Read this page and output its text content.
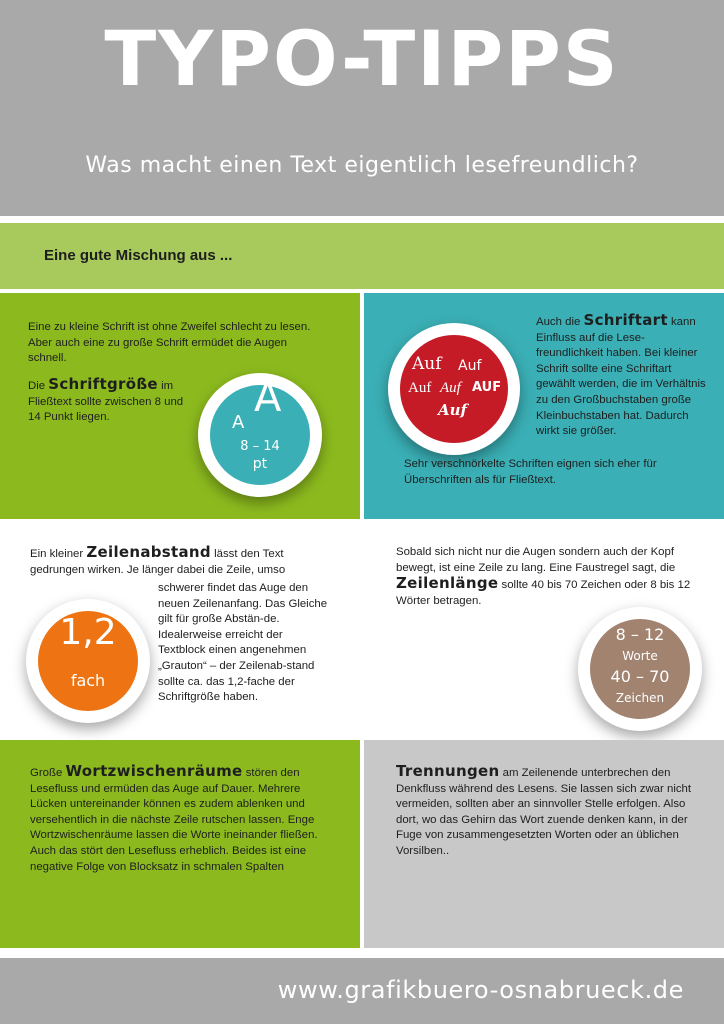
TYPO-TIPPS
Was macht einen Text eigentlich lesefreundlich?
Eine gute Mischung aus ...

Eine zu kleine Schrift ist ohne Zweifel schlecht zu lesen. Aber auch eine zu große Schrift ermüdet die Augen schnell.

Die Schriftgröße im Fließtext sollte zwischen 8 und 14 Punkt liegen.	A
A
8 – 14
pt
Auf Auf
Auf Auf AUF
Auf

Auch die Schriftart kann Einfluss auf die Lese-freundlichkeit haben. Bei kleiner Schrift sollte eine Schriftart gewählt werden, die im Verhältnis zu den Großbuchstaben große Kleinbuchstaben hat. Dadurch wirkt sie größer.

Sehr verschnörkelte Schriften eignen sich eher für Überschriften als für Fließtext.

Ein kleiner Zeilenabstand lässt den Text gedrungen wirken. Je länger dabei die Zeile, umso

schwerer findet das Auge den neuen Zeilenanfang. Das Gleiche gilt für große Abstän-de. Idealerweise erreicht der Textblock einen angenehmen „Grauton“ – der Zeilenab-stand sollte ca. das 1,2-fache der Schriftgröße haben.

1,2
fach

Sobald sich nicht nur die Augen sondern auch der Kopf bewegt, ist eine Zeile zu lang. Eine Faustregel sagt, die Zeilenlänge sollte 40 bis 70 Zeichen oder 8 bis 12 Wörter betragen.

8 – 12
Worte
40 – 70
Zeichen

Große Wortzwischenräume stören den Lesefluss und ermüden das Auge auf Dauer. Mehrere Lücken untereinander können es zudem ablenken und versehentlich in die nächste Zeile rutschen lassen. Enge Wortzwischenräume lassen die Worte ineinander fließen. Auch das stört den Lesefluss erheblich. Beides ist eine negative Folge von Blocksatz in schmalen Spalten

Trennungen am Zeilenende unterbrechen den Denkfluss während des Lesens. Sie lassen sich zwar nicht vermeiden, sollten aber an sinnvoller Stelle erfolgen. Also dort, wo das Gehirn das Wort zuende denken kann, in der Fuge von zusammengesetzten Worten oder an üblichen Vorsilben..

www.grafikbuero-osnabrueck.de
